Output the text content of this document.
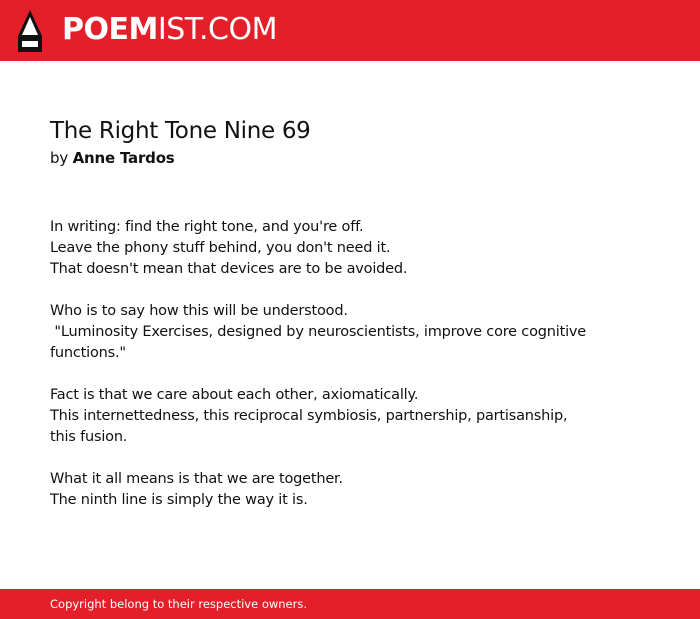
POEMIST.COM
The Right Tone Nine 69

by Anne Tardos

In writing: find the right tone, and you're off.
Leave the phony stuff behind, you don't need it.
That doesn't mean that devices are to be avoided.
Who is to say how this will be understood.
"Luminosity Exercises, designed by neuroscientists, improve core cognitive
functions."
Fact is that we care about each other, axiomatically.
This internettedness, this reciprocal symbiosis, partnership, partisanship,
this fusion.
What it all means is that we are together.
The ninth line is simply the way it is.
Copyright belong to their respective owners.
